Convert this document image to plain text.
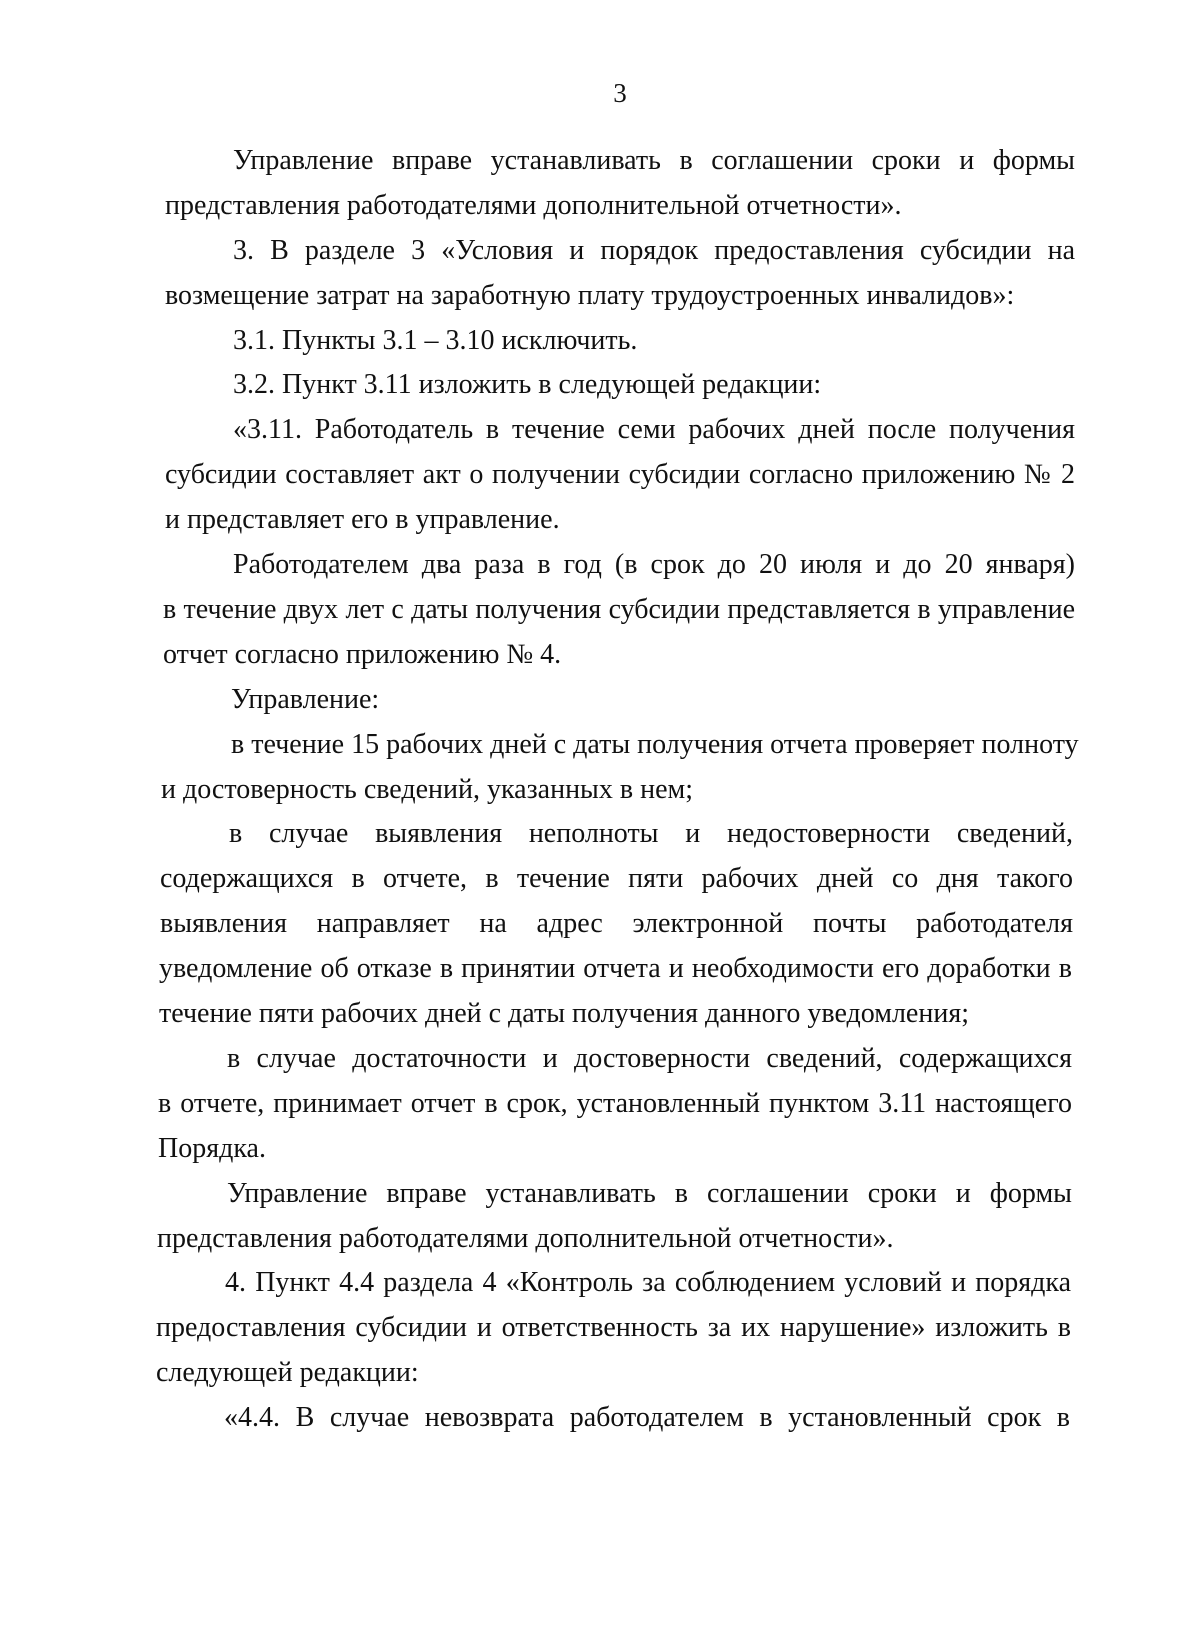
3
Управление вправе устанавливать в соглашении сроки и формы
представления работодателями дополнительной отчетности».
3. В разделе 3 «Условия и порядок предоставления субсидии на
возмещение затрат на заработную плату трудоустроенных инвалидов»:
3.1. Пункты 3.1 – 3.10 исключить.
3.2. Пункт 3.11 изложить в следующей редакции:
«3.11. Работодатель в течение семи рабочих дней после получения
субсидии составляет акт о получении субсидии согласно приложению № 2
и представляет его в управление.
Работодателем два раза в год (в срок до 20 июля и до 20 января)
в течение двух лет с даты получения субсидии представляется в управление
отчет согласно приложению № 4.
Управление:
в течение 15 рабочих дней с даты получения отчета проверяет полноту
и достоверность сведений, указанных в нем;
в случае выявления неполноты и недостоверности сведений,
содержащихся в отчете, в течение пяти рабочих дней со дня такого
выявления направляет на адрес электронной почты работодателя
уведомление об отказе в принятии отчета и необходимости его доработки в
течение пяти рабочих дней с даты получения данного уведомления;
в случае достаточности и достоверности сведений, содержащихся
в отчете, принимает отчет в срок, установленный пунктом 3.11 настоящего
Порядка.
Управление вправе устанавливать в соглашении сроки и формы
представления работодателями дополнительной отчетности».
4. Пункт 4.4 раздела 4 «Контроль за соблюдением условий и порядка
предоставления субсидии и ответственность за их нарушение» изложить в
следующей редакции:
«4.4. В случае невозврата работодателем в установленный срок в
